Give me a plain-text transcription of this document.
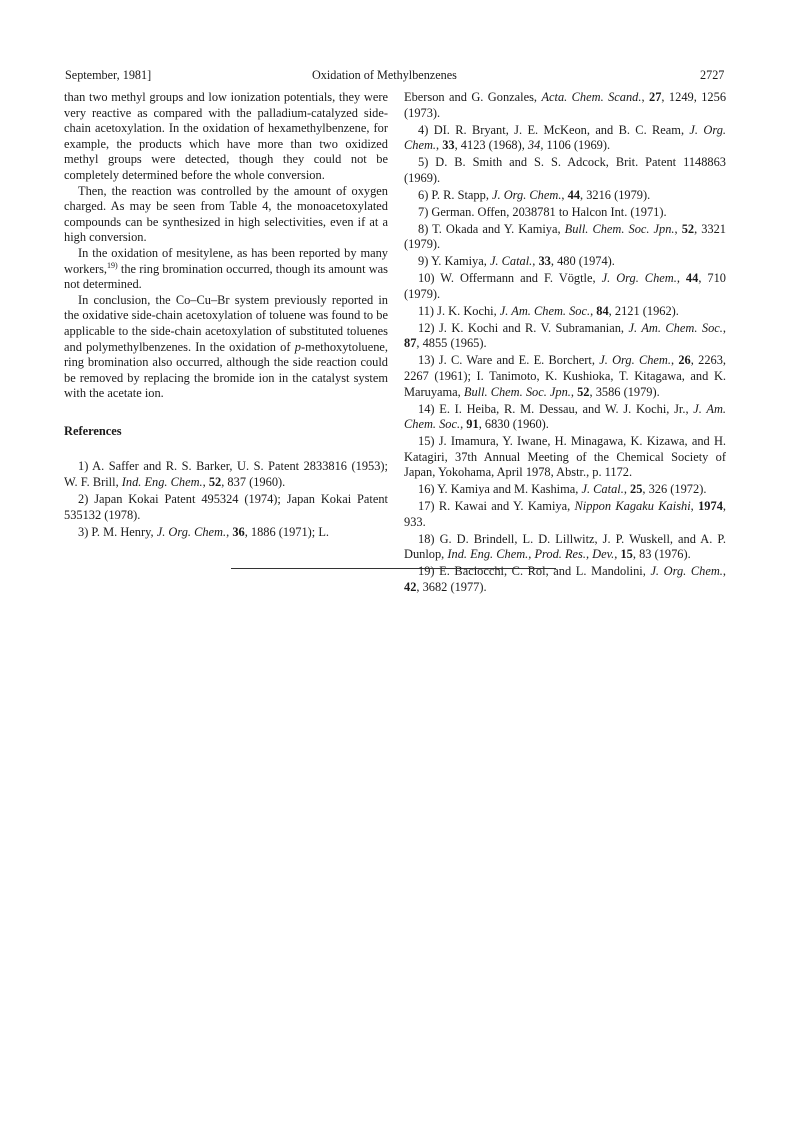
September, 1981]	Oxidation of Methylbenzenes	2727

than two methyl groups and low ionization potentials, they were very reactive as compared with the palladium-catalyzed side-chain acetoxylation. In the oxidation of hexamethylbenzene, for example, the products which have more than two oxidized methyl groups were detected, though they could not be completely determined before the whole conversion.

Then, the reaction was controlled by the amount of oxygen charged. As may be seen from Table 4, the monoacetoxylated compounds can be synthesized in high selectivities, even if at a high conversion.

In the oxidation of mesitylene, as has been reported by many workers,$^{19)}$ the ring bromination occurred, though its amount was not determined.

In conclusion, the Co–Cu–Br system previously reported in the oxidative side-chain acetoxylation of toluene was found to be applicable to the side-chain acetoxylation of substituted toluenes and polymethylbenzenes. In the oxidation of p-methoxytoluene, ring bromination also occurred, although the side reaction could be removed by replacing the bromide ion in the catalyst system with the acetate ion.

References

1) A. Saffer and R. S. Barker, U. S. Patent 2833816 (1953); W. F. Brill, Ind. Eng. Chem., 52, 837 (1960).

2) Japan Kokai Patent 495324 (1974); Japan Kokai Patent 535132 (1978).

3) P. M. Henry, J. Org. Chem., 36, 1886 (1971); L.

Eberson and G. Gonzales, Acta. Chem. Scand., 27, 1249, 1256 (1973).

4) DI. R. Bryant, J. E. McKeon, and B. C. Ream, J. Org. Chem., 33, 4123 (1968), 34, 1106 (1969).

5) D. B. Smith and S. S. Adcock, Brit. Patent 1148863 (1969).

6) P. R. Stapp, J. Org. Chem., 44, 3216 (1979).

7) German. Offen, 2038781 to Halcon Int. (1971).

8) T. Okada and Y. Kamiya, Bull. Chem. Soc. Jpn., 52, 3321 (1979).

9) Y. Kamiya, J. Catal., 33, 480 (1974).

10) W. Offermann and F. Vögtle, J. Org. Chem., 44, 710 (1979).

11) J. K. Kochi, J. Am. Chem. Soc., 84, 2121 (1962).

12) J. K. Kochi and R. V. Subramanian, J. Am. Chem. Soc., 87, 4855 (1965).

13) J. C. Ware and E. E. Borchert, J. Org. Chem., 26, 2263, 2267 (1961); I. Tanimoto, K. Kushioka, T. Kitagawa, and K. Maruyama, Bull. Chem. Soc. Jpn., 52, 3586 (1979).

14) E. I. Heiba, R. M. Dessau, and W. J. Kochi, Jr., J. Am. Chem. Soc., 91, 6830 (1960).

15) J. Imamura, Y. Iwane, H. Minagawa, K. Kizawa, and H. Katagiri, 37th Annual Meeting of the Chemical Society of Japan, Yokohama, April 1978, Abstr., p. 1172.

16) Y. Kamiya and M. Kashima, J. Catal., 25, 326 (1972).

17) R. Kawai and Y. Kamiya, Nippon Kagaku Kaishi, 1974, 933.

18) G. D. Brindell, L. D. Lillwitz, J. P. Wuskell, and A. P. Dunlop, Ind. Eng. Chem., Prod. Res., Dev., 15, 83 (1976).

19) E. Baciocchi, C. Rol, and L. Mandolini, J. Org. Chem., 42, 3682 (1977).
